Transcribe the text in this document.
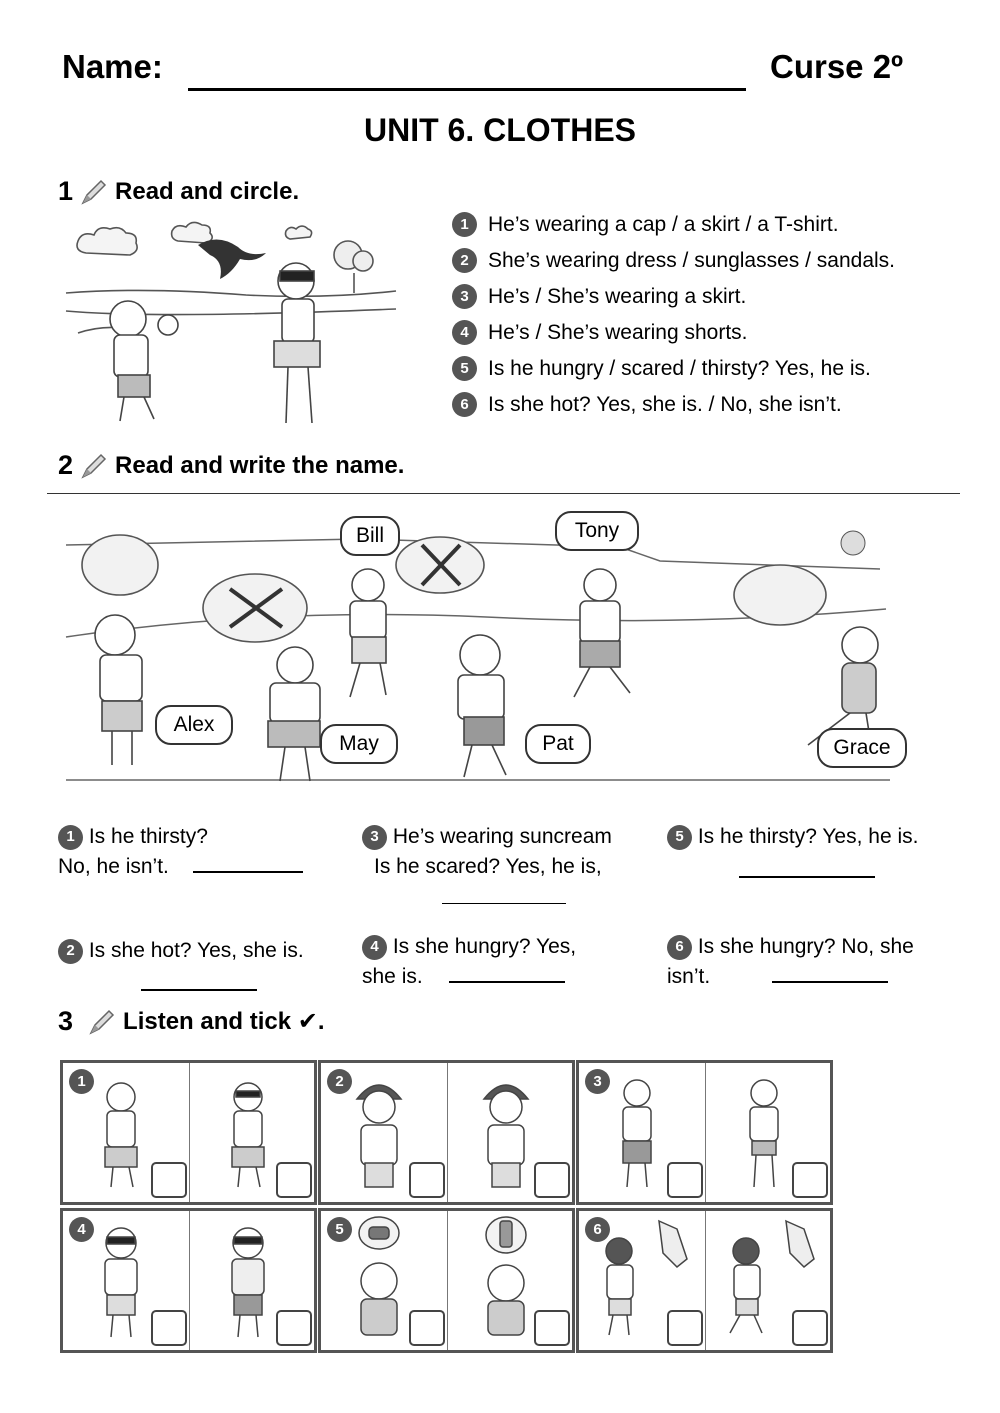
Name:	Curse 2º
UNIT 6. CLOTHES
1 Read and circle.
1 He’s wearing a cap / a skirt / a T-shirt.
2 She’s wearing dress / sunglasses / sandals.
3 He’s / She’s wearing a skirt.
4 He’s / She’s wearing shorts.
5 Is he hungry / scared / thirsty? Yes, he is.
6 Is she hot? Yes, she is. / No, she isn’t.
2 Read and write the name.
Bill	Tony
Alex
May	Pat	Grace
1 Is he thirsty?
No, he isn’t.
3 He’s wearing suncream
Is he scared? Yes, he is,
5 Is he thirsty? Yes, he is.
2 Is she hot? Yes, she is.	4 Is she hungry? Yes,
she is.
6 Is she hungry? No, she
isn’t.
3 Listen and tick ✔.
1	2	3
4	5	6
